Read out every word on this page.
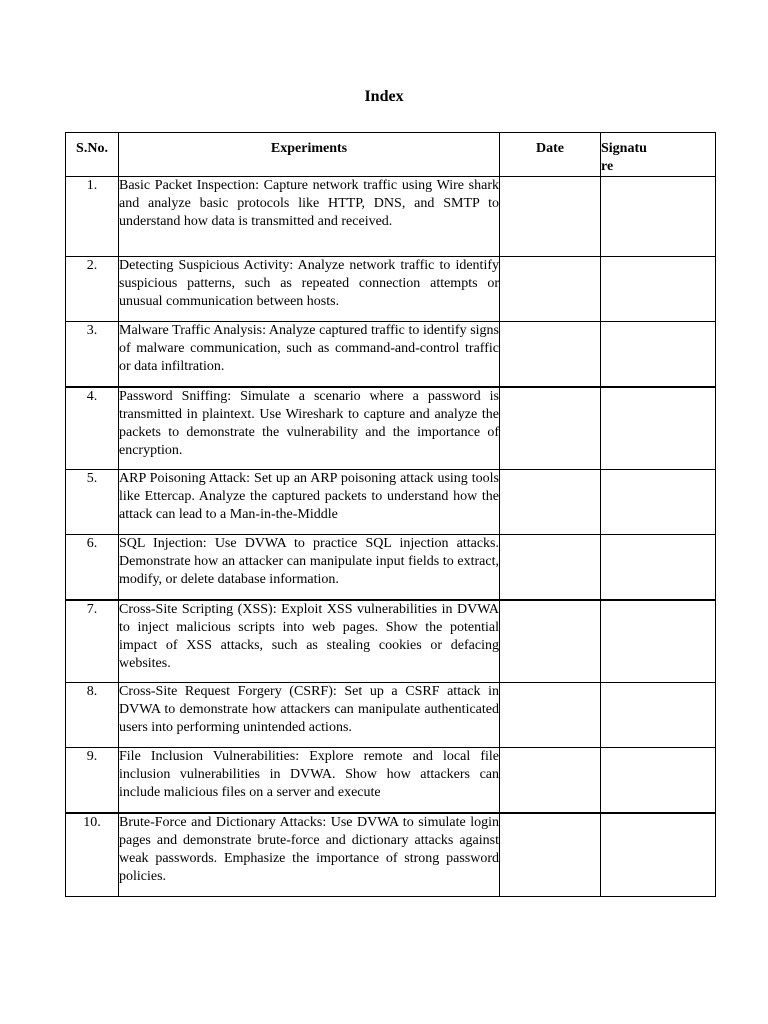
Index
S.No.	Experiments	Date	Signature

1.	Basic Packet Inspection: Capture network traffic using Wire shark and analyze basic protocols like HTTP, DNS, and SMTP to understand how data is transmitted and received.		
2.	Detecting Suspicious Activity: Analyze network traffic to identify suspicious patterns, such as repeated connection attempts or unusual communication between hosts.		
3.	Malware Traffic Analysis: Analyze captured traffic to identify signs of malware communication, such as command-and-control traffic or data infiltration.		
4.	Password Sniffing: Simulate a scenario where a password is transmitted in plaintext. Use Wireshark to capture and analyze the packets to demonstrate the vulnerability and the importance of encryption.		
5.	ARP Poisoning Attack: Set up an ARP poisoning attack using tools like Ettercap. Analyze the captured packets to understand how the attack can lead to a Man-in-the-Middle		
6.	SQL Injection: Use DVWA to practice SQL injection attacks. Demonstrate how an attacker can manipulate input fields to extract, modify, or delete database information.		
7.	Cross-Site Scripting (XSS): Exploit XSS vulnerabilities in DVWA to inject malicious scripts into web pages. Show the potential impact of XSS attacks, such as stealing cookies or defacing websites.		
8.	Cross-Site Request Forgery (CSRF): Set up a CSRF attack in DVWA to demonstrate how attackers can manipulate authenticated users into performing unintended actions.		
9.	File Inclusion Vulnerabilities: Explore remote and local file inclusion vulnerabilities in DVWA. Show how attackers can include malicious files on a server and execute		
10.	Brute-Force and Dictionary Attacks: Use DVWA to simulate login pages and demonstrate brute-force and dictionary attacks against weak passwords. Emphasize the importance of strong password policies.		
